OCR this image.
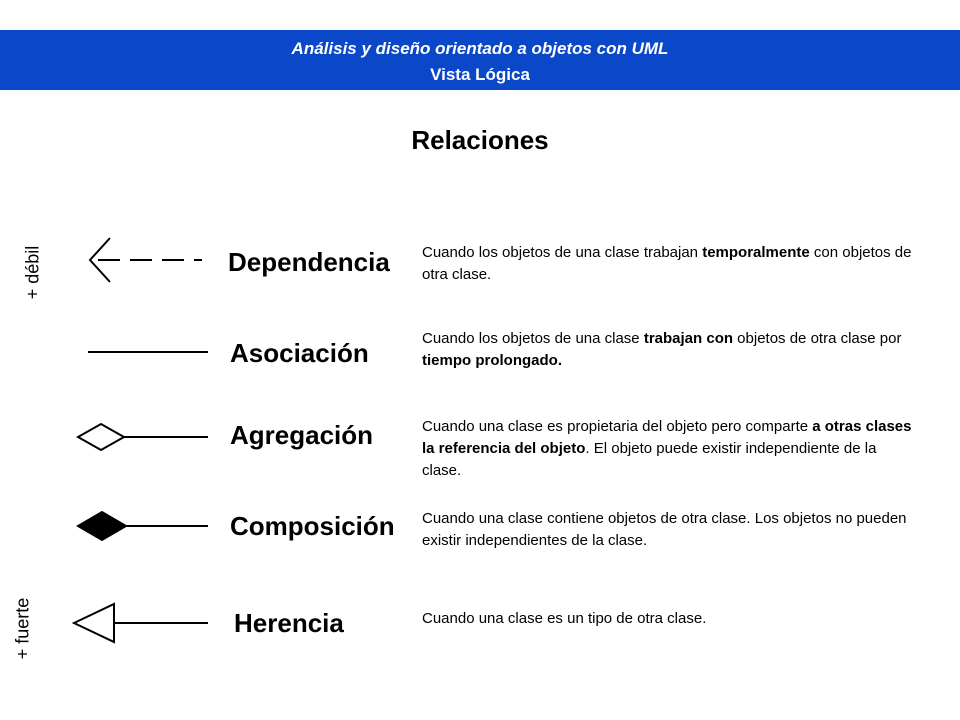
Análisis y diseño orientado a objetos con UML
Vista Lógica
Relaciones
+ débil
+ fuerte
Dependencia Cuando los objetos de una clase trabajan temporalmente con objetos de otra clase.
Asociación	Cuando los objetos de una clase trabajan con objetos de otra clase por tiempo prolongado.
Agregación	Cuando una clase es propietaria del objeto pero comparte a otras clases la referencia del objeto. El objeto puede existir independiente de la clase.
Composición Cuando una clase contiene objetos de otra clase. Los objetos no pueden existir independientes de la clase.
Herencia	Cuando una clase es un tipo de otra clase.
